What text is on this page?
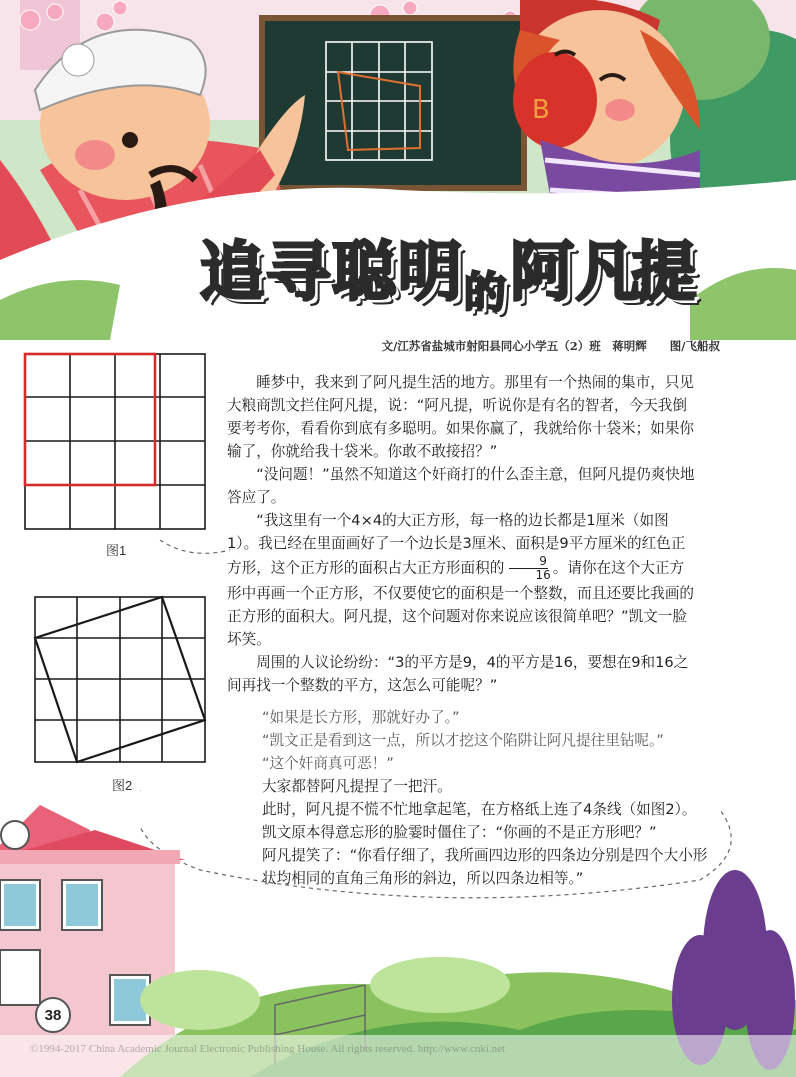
B
追 寻 聪 明 的 阿 凡
提
文/江苏省盐城市射阳县同心小学五（2）班　蒋明辉　　图/飞船叔
图1
图2

睡梦中，我来到了阿凡提生活的地方。那里有一个热闹的集市，只见大粮商凯文拦住阿凡提，说：“阿凡提，听说你是有名的智者，今天我倒要考考你，看看你到底有多聪明。如果你赢了，我就给你十袋米；如果你输了，你就给我十袋米。你敢不敢接招？”

“没问题！”虽然不知道这个奸商打的什么歪主意，但阿凡提仍爽快地答应了。

“我这里有一个4×4的大正方形，每一格的边长都是1厘米（如图1）。我已经在里面画好了一个边长是3厘米、面积是9平方厘米的红色正方形，这个正方形的面积占大正方形面积的 $\frac{9}{16}$ 。请你在这个大正方形中再画一个正方形，不仅要使它的面积是一个整数，而且还要比我画的正方形的面积大。阿凡提，这个问题对你来说应该很简单吧？”凯文一脸坏笑。

周围的人议论纷纷：“3的平方是9，4的平方是16，要想在9和16之间再找一个整数的平方，这怎么可能呢？”

“如果是长方形，那就好办了。”

“凯文正是看到这一点，所以才挖这个陷阱让阿凡提往里钻呢。”

“这个奸商真可恶！”

大家都替阿凡提捏了一把汗。

此时，阿凡提不慌不忙地拿起笔，在方格纸上连了4条线（如图2）。

凯文原本得意忘形的脸霎时僵住了：“你画的不是正方形吧？”

阿凡提笑了：“你看仔细了，我所画四边形的四条边分别是四个大小形状均相同的直角三角形的斜边，所以四条边相等。”

38
©1994-2017 China Academic Journal Electronic Publishing House. All rights reserved. http://www.cnki.net
